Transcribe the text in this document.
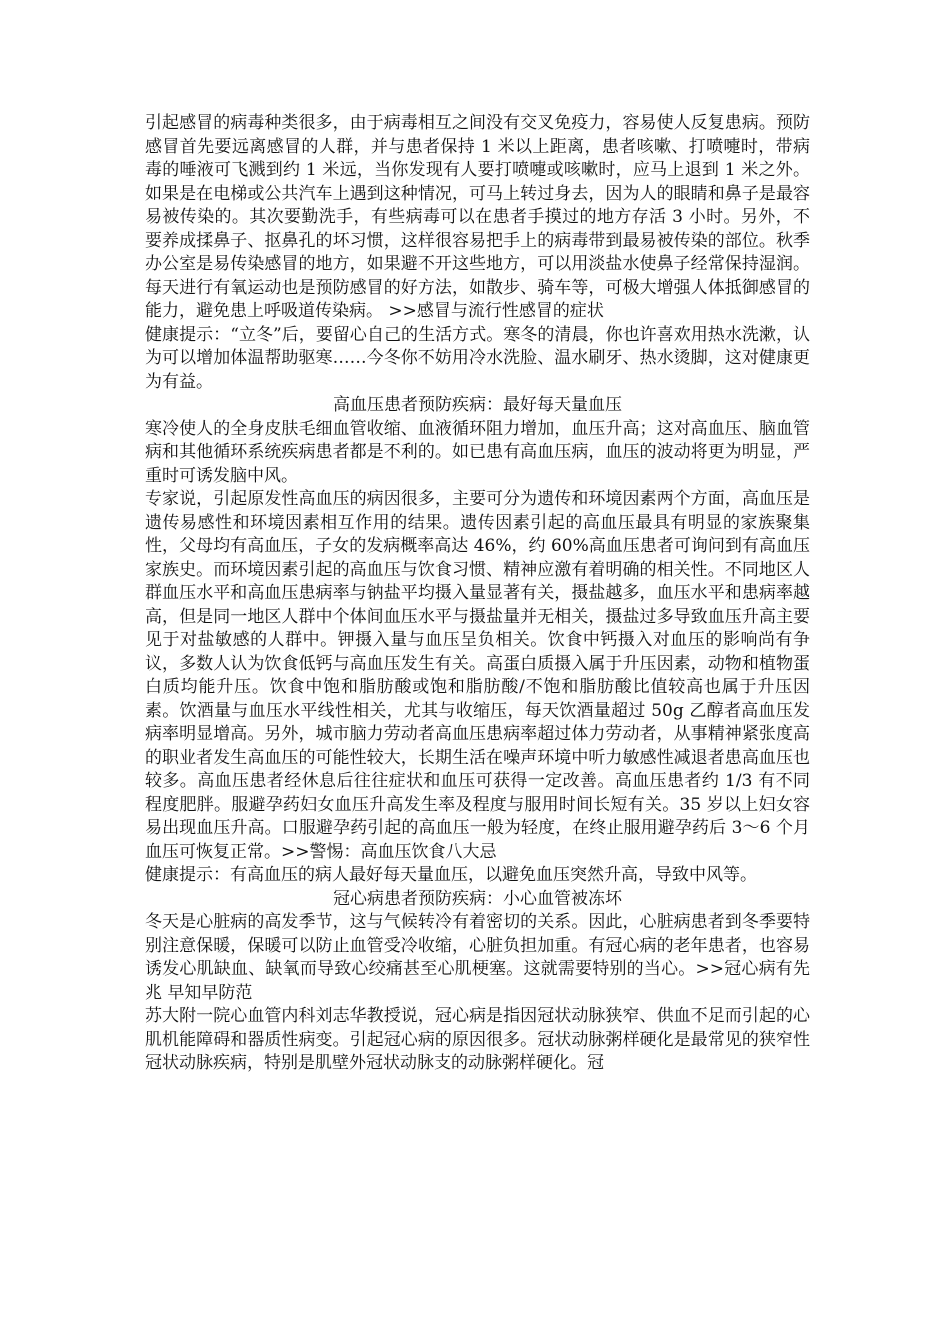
引起感冒的病毒种类很多，由于病毒相互之间没有交叉免疫力，容易使人反复患病。预防感冒首先要远离感冒的人群，并与患者保持 1 米以上距离，患者咳嗽、打喷嚏时，带病毒的唾液可飞溅到约 1 米远，当你发现有人要打喷嚏或咳嗽时，应马上退到 1 米之外。如果是在电梯或公共汽车上遇到这种情况，可马上转过身去，因为人的眼睛和鼻子是最容易被传染的。其次要勤洗手，有些病毒可以在患者手摸过的地方存活 3 小时。另外，不要养成揉鼻子、抠鼻孔的坏习惯，这样很容易把手上的病毒带到最易被传染的部位。秋季办公室是易传染感冒的地方，如果避不开这些地方，可以用淡盐水使鼻子经常保持湿润。每天进行有氧运动也是预防感冒的好方法，如散步、骑车等，可极大增强人体抵御感冒的能力，避免患上呼吸道传染病。 >>感冒与流行性感冒的症状

健康提示：“立冬”后，要留心自己的生活方式。寒冬的清晨，你也许喜欢用热水洗漱，认为可以增加体温帮助驱寒……今冬你不妨用冷水洗脸、温水刷牙、热水烫脚，这对健康更为有益。

高血压患者预防疾病：最好每天量血压

寒冷使人的全身皮肤毛细血管收缩、血液循环阻力增加，血压升高；这对高血压、脑血管病和其他循环系统疾病患者都是不利的。如已患有高血压病，血压的波动将更为明显，严重时可诱发脑中风。

专家说，引起原发性高血压的病因很多，主要可分为遗传和环境因素两个方面，高血压是遗传易感性和环境因素相互作用的结果。遗传因素引起的高血压最具有明显的家族聚集性，父母均有高血压，子女的发病概率高达 46%，约 60%高血压患者可询问到有高血压家族史。而环境因素引起的高血压与饮食习惯、精神应激有着明确的相关性。不同地区人群血压水平和高血压患病率与钠盐平均摄入量显著有关，摄盐越多，血压水平和患病率越高，但是同一地区人群中个体间血压水平与摄盐量并无相关，摄盐过多导致血压升高主要见于对盐敏感的人群中。钾摄入量与血压呈负相关。饮食中钙摄入对血压的影响尚有争议，多数人认为饮食低钙与高血压发生有关。高蛋白质摄入属于升压因素，动物和植物蛋白质均能升压。饮食中饱和脂肪酸或饱和脂肪酸/不饱和脂肪酸比值较高也属于升压因素。饮酒量与血压水平线性相关，尤其与收缩压，每天饮酒量超过 50g 乙醇者高血压发病率明显增高。另外，城市脑力劳动者高血压患病率超过体力劳动者，从事精神紧张度高的职业者发生高血压的可能性较大，长期生活在噪声环境中听力敏感性减退者患高血压也较多。高血压患者经休息后往往症状和血压可获得一定改善。高血压患者约 1/3 有不同程度肥胖。服避孕药妇女血压升高发生率及程度与服用时间长短有关。35 岁以上妇女容易出现血压升高。口服避孕药引起的高血压一般为轻度，在终止服用避孕药后 3～6 个月血压可恢复正常。>>警惕：高血压饮食八大忌

健康提示：有高血压的病人最好每天量血压，以避免血压突然升高，导致中风等。

冠心病患者预防疾病：小心血管被冻坏

冬天是心脏病的高发季节，这与气候转冷有着密切的关系。因此，心脏病患者到冬季要特别注意保暖，保暖可以防止血管受冷收缩，心脏负担加重。有冠心病的老年患者，也容易诱发心肌缺血、缺氧而导致心绞痛甚至心肌梗塞。这就需要特别的当心。>>冠心病有先兆 早知早防范

苏大附一院心血管内科刘志华教授说，冠心病是指因冠状动脉狭窄、供血不足而引起的心肌机能障碍和器质性病变。引起冠心病的原因很多。冠状动脉粥样硬化是最常见的狭窄性冠状动脉疾病，特别是肌壁外冠状动脉支的动脉粥样硬化。冠
